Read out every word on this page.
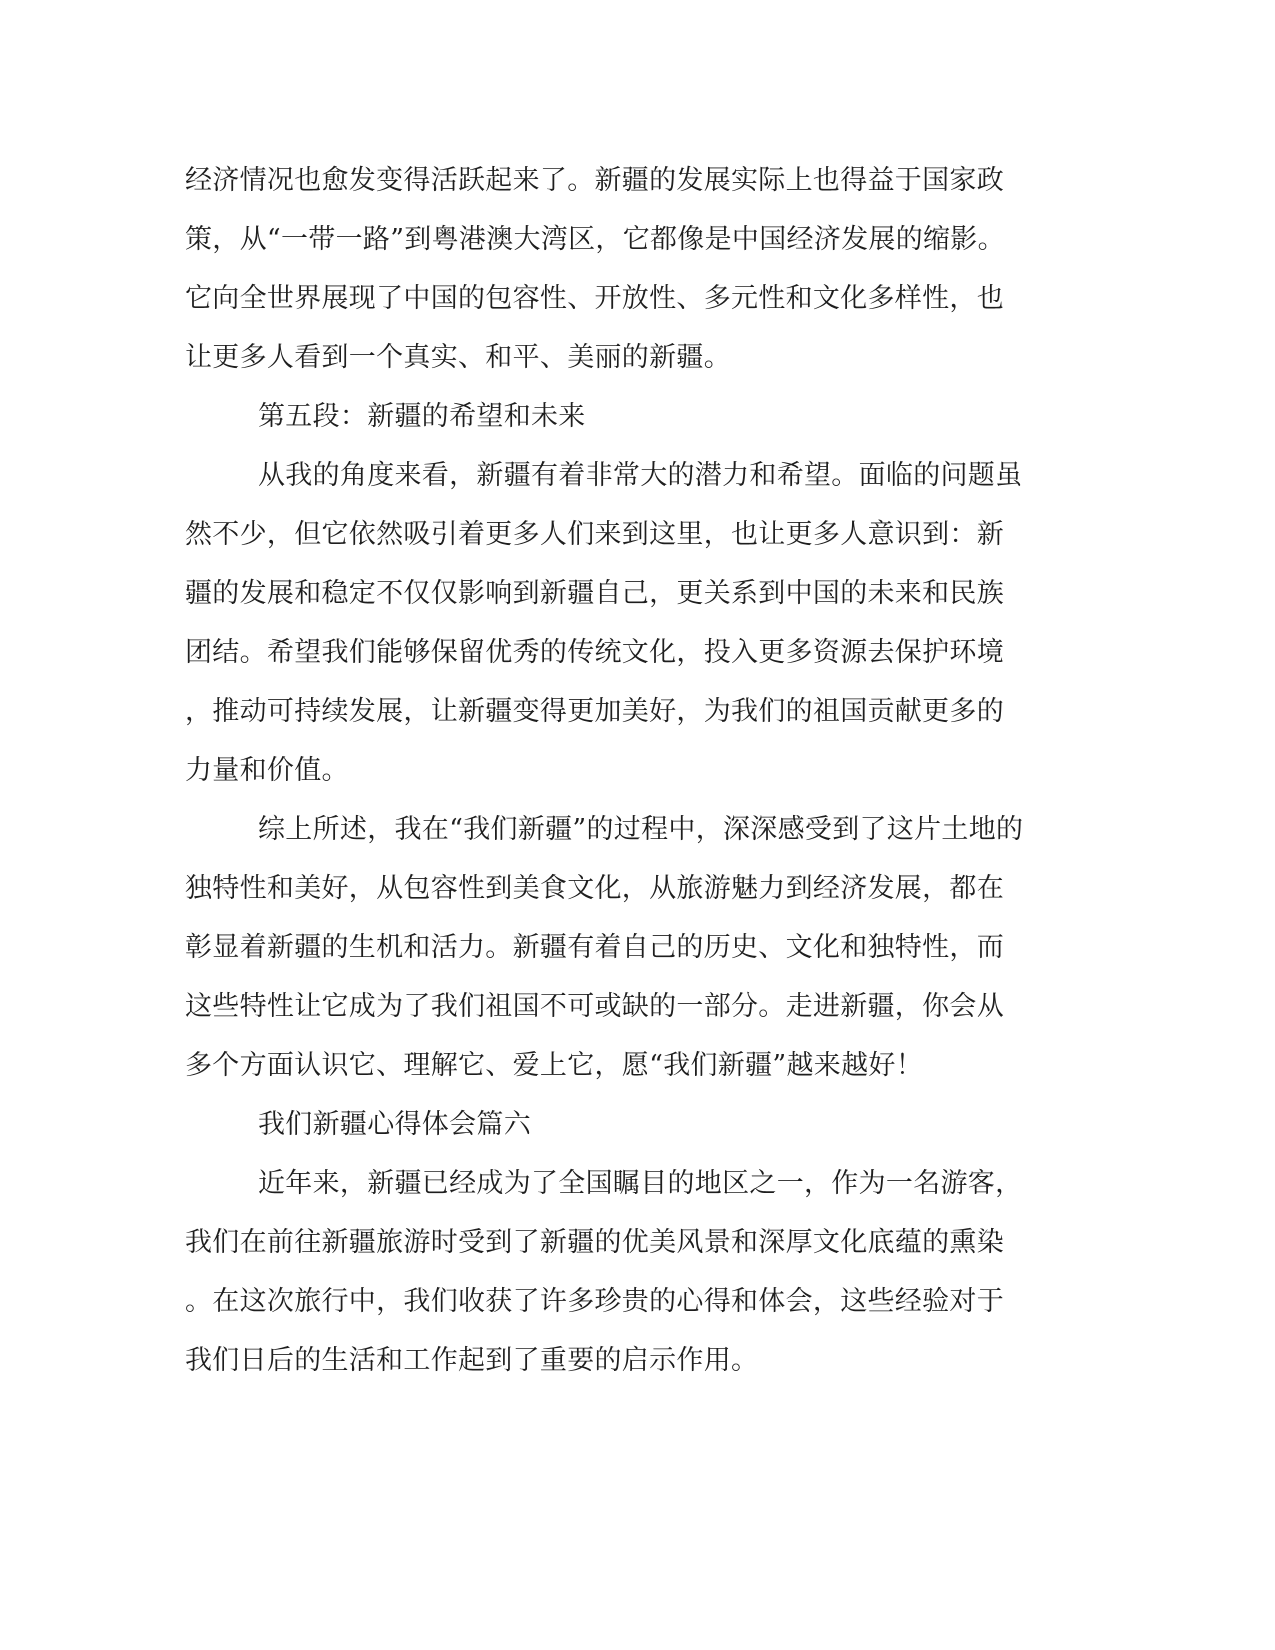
经济情况也愈发变得活跃起来了。新疆的发展实际上也得益于国家政
策，从“一带一路”到粤港澳大湾区，它都像是中国经济发展的缩影。
它向全世界展现了中国的包容性、开放性、多元性和文化多样性，也
让更多人看到一个真实、和平、美丽的新疆。
第五段：新疆的希望和未来
从我的角度来看，新疆有着非常大的潜力和希望。面临的问题虽
然不少，但它依然吸引着更多人们来到这里，也让更多人意识到：新
疆的发展和稳定不仅仅影响到新疆自己，更关系到中国的未来和民族
团结。希望我们能够保留优秀的传统文化，投入更多资源去保护环境
，推动可持续发展，让新疆变得更加美好，为我们的祖国贡献更多的
力量和价值。
综上所述，我在“我们新疆”的过程中，深深感受到了这片土地的
独特性和美好，从包容性到美食文化，从旅游魅力到经济发展，都在
彰显着新疆的生机和活力。新疆有着自己的历史、文化和独特性，而
这些特性让它成为了我们祖国不可或缺的一部分。走进新疆，你会从
多个方面认识它、理解它、爱上它，愿“我们新疆”越来越好！
我们新疆心得体会篇六
近年来，新疆已经成为了全国瞩目的地区之一，作为一名游客，
我们在前往新疆旅游时受到了新疆的优美风景和深厚文化底蕴的熏染
。在这次旅行中，我们收获了许多珍贵的心得和体会，这些经验对于
我们日后的生活和工作起到了重要的启示作用。
